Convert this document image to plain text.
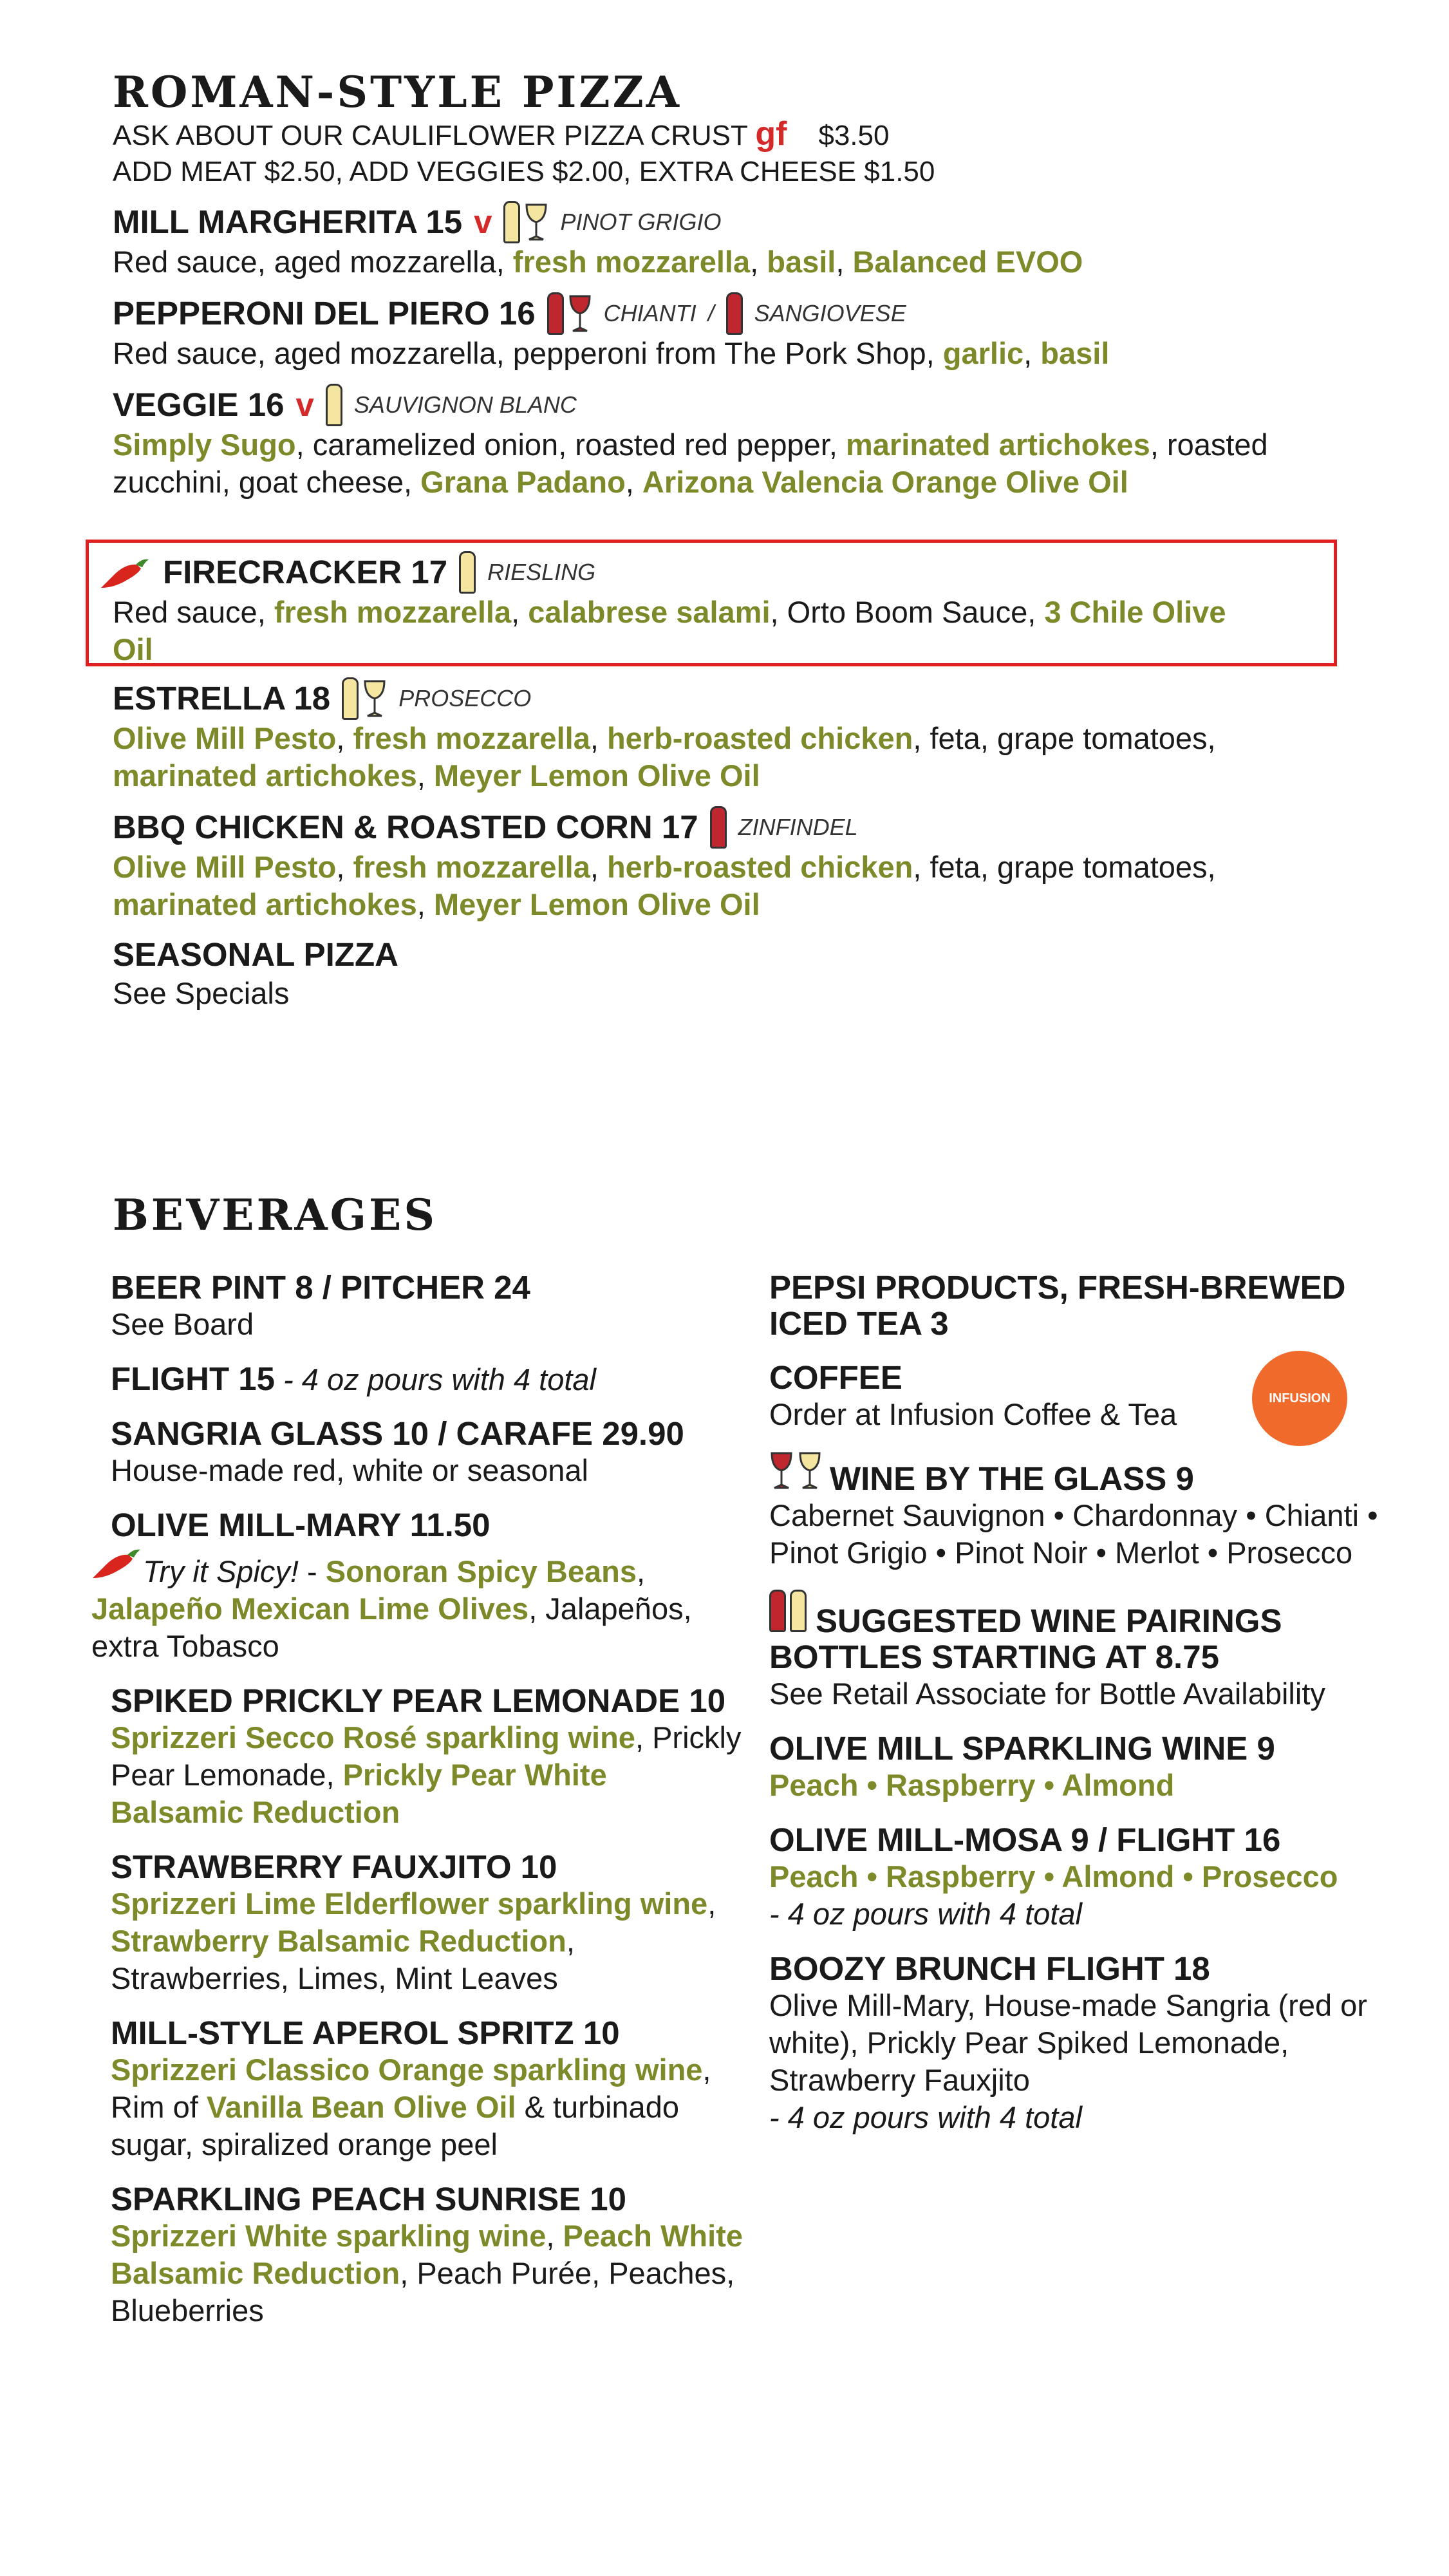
ROMAN-STYLE PIZZA

ASK ABOUT OUR CAULIFLOWER PIZZA CRUST gf $3.50

ADD MEAT $2.50, ADD VEGGIES $2.00, EXTRA CHEESE $1.50

MILL MARGHERITA 15 v	PINOT GRIGIO

Red sauce, aged mozzarella, fresh mozzarella, basil, Balanced EVOO

PEPPERONI DEL PIERO 16	CHIANTI / SANGIOVESE

Red sauce, aged mozzarella, pepperoni from The Pork Shop, garlic, basil

VEGGIE 16 v SAUVIGNON BLANC

Simply Sugo, caramelized onion, roasted red pepper, marinated artichokes, roasted zucchini, goat cheese, Grana Padano, Arizona Valencia Orange Olive Oil

FIRECRACKER 17 RIESLING

Red sauce, fresh mozzarella, calabrese salami, Orto Boom Sauce, 3 Chile Olive Oil

ESTRELLA 18	PROSECCO

Olive Mill Pesto, fresh mozzarella, herb-roasted chicken, feta, grape tomatoes, marinated artichokes, Meyer Lemon Olive Oil

BBQ CHICKEN & ROASTED CORN 17 ZINFINDEL

Olive Mill Pesto, fresh mozzarella, herb-roasted chicken, feta, grape tomatoes, marinated artichokes, Meyer Lemon Olive Oil

SEASONAL PIZZA

See Specials

BEVERAGES

BEER PINT 8 / PITCHER 24

See Board

FLIGHT 15 - 4 oz pours with 4 total

SANGRIA GLASS 10 / CARAFE 29.90

House-made red, white or seasonal

OLIVE MILL-MARY 11.50

Try it Spicy! - Sonoran Spicy Beans, Jalapeño Mexican Lime Olives, Jalapeños, extra Tobasco

SPIKED PRICKLY PEAR LEMONADE 10

Sprizzeri Secco Rosé sparkling wine, Prickly Pear Lemonade, Prickly Pear White Balsamic Reduction

STRAWBERRY FAUXJITO 10

Sprizzeri Lime Elderflower sparkling wine, Strawberry Balsamic Reduction, Strawberries, Limes, Mint Leaves

MILL-STYLE APEROL SPRITZ 10

Sprizzeri Classico Orange sparkling wine, Rim of Vanilla Bean Olive Oil & turbinado sugar, spiralized orange peel

SPARKLING PEACH SUNRISE 10

Sprizzeri White sparkling wine, Peach White Balsamic Reduction, Peach Purée, Peaches, Blueberries

PEPSI PRODUCTS, FRESH-BREWED ICED TEA 3

COFFEE

Order at Infusion Coffee & Tea

WINE BY THE GLASS 9

Cabernet Sauvignon • Chardonnay • Chianti • Pinot Grigio • Pinot Noir • Merlot • Prosecco

SUGGESTED WINE PAIRINGS BOTTLES STARTING AT 8.75

See Retail Associate for Bottle Availability

OLIVE MILL SPARKLING WINE 9

Peach • Raspberry • Almond

OLIVE MILL-MOSA 9 / FLIGHT 16

Peach • Raspberry • Almond • Prosecco

- 4 oz pours with 4 total

BOOZY BRUNCH FLIGHT 18

Olive Mill-Mary, House-made Sangria (red or white), Prickly Pear Spiked Lemonade, Strawberry Fauxjito

- 4 oz pours with 4 total

INFUSION
